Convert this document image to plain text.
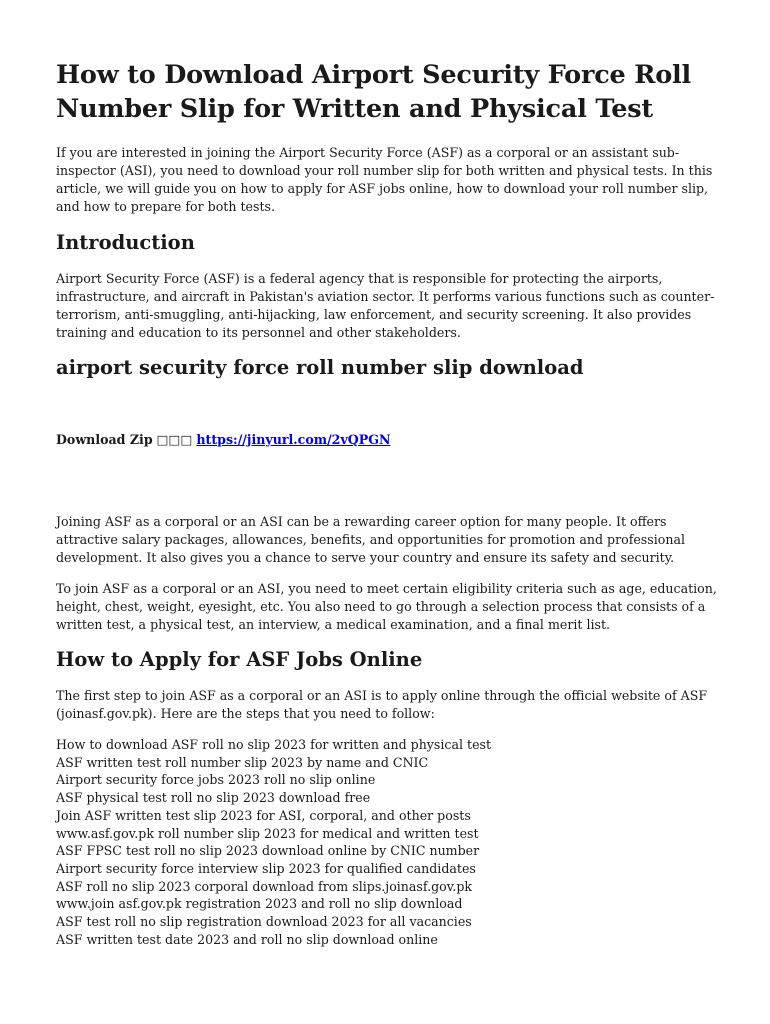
How to Download Airport Security Force Roll Number Slip for Written and Physical Test

If you are interested in joining the Airport Security Force (ASF) as a corporal or an assistant sub-inspector (ASI), you need to download your roll number slip for both written and physical tests. In this article, we will guide you on how to apply for ASF jobs online, how to download your roll number slip, and how to prepare for both tests.

Introduction

Airport Security Force (ASF) is a federal agency that is responsible for protecting the airports, infrastructure, and aircraft in Pakistan's aviation sector. It performs various functions such as counter-terrorism, anti-smuggling, anti-hijacking, law enforcement, and security screening. It also provides training and education to its personnel and other stakeholders.

airport security force roll number slip download
Download Zip □□□ https://jinyurl.com/2vQPGN

Joining ASF as a corporal or an ASI can be a rewarding career option for many people. It offers attractive salary packages, allowances, benefits, and opportunities for promotion and professional development. It also gives you a chance to serve your country and ensure its safety and security.

To join ASF as a corporal or an ASI, you need to meet certain eligibility criteria such as age, education, height, chest, weight, eyesight, etc. You also need to go through a selection process that consists of a written test, a physical test, an interview, a medical examination, and a final merit list.

How to Apply for ASF Jobs Online

The first step to join ASF as a corporal or an ASI is to apply online through the official website of ASF (joinasf.gov.pk). Here are the steps that you need to follow:

How to download ASF roll no slip 2023 for written and physical test
ASF written test roll number slip 2023 by name and CNIC
Airport security force jobs 2023 roll no slip online
ASF physical test roll no slip 2023 download free
Join ASF written test slip 2023 for ASI, corporal, and other posts
www.asf.gov.pk roll number slip 2023 for medical and written test
ASF FPSC test roll no slip 2023 download online by CNIC number
Airport security force interview slip 2023 for qualified candidates
ASF roll no slip 2023 corporal download from slips.joinasf.gov.pk
www.join asf.gov.pk registration 2023 and roll no slip download
ASF test roll no slip registration download 2023 for all vacancies
ASF written test date 2023 and roll no slip download online
